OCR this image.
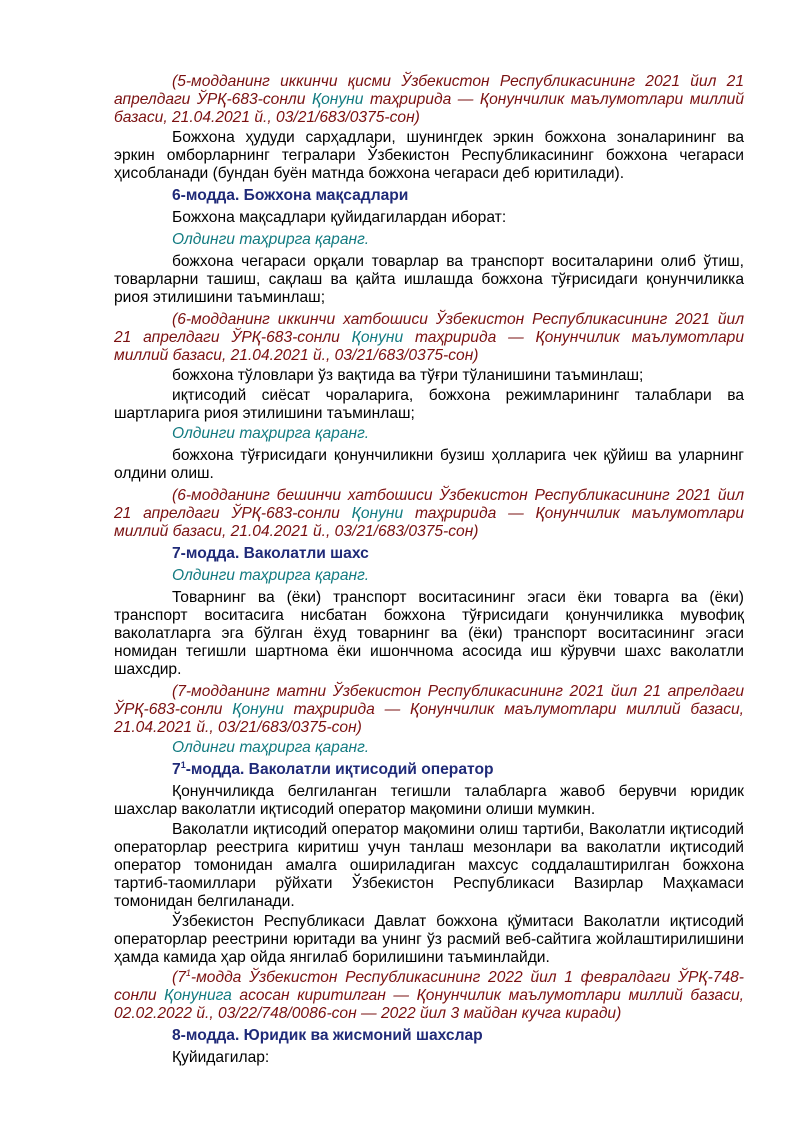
(5-модданинг иккинчи қисми Ўзбекистон Республикасининг 2021 йил 21 апрелдаги ЎРҚ-683-сонли Қонуни таҳририда — Қонунчилик маълумотлари миллий базаси, 21.04.2021 й., 03/21/683/0375-сон)

Божхона ҳудуди сарҳадлари, шунингдек эркин божхона зоналарининг ва эркин омборларнинг тегралари Ўзбекистон Республикасининг божхона чегараси ҳисобланади (бундан буён матнда божхона чегараси деб юритилади).

6-модда. Божхона мақсадлари

Божхона мақсадлари қуйидагилардан иборат:

Олдинги таҳрирга қаранг.

божхона чегараси орқали товарлар ва транспорт воситаларини олиб ўтиш, товарларни ташиш, сақлаш ва қайта ишлашда божхона тўғрисидаги қонунчиликка риоя этилишини таъминлаш;

(6-модданинг иккинчи хатбошиси Ўзбекистон Республикасининг 2021 йил 21 апрелдаги ЎРҚ-683-сонли Қонуни таҳририда — Қонунчилик маълумотлари миллий базаси, 21.04.2021 й., 03/21/683/0375-сон)

божхона тўловлари ўз вақтида ва тўғри тўланишини таъминлаш;

иқтисодий сиёсат чораларига, божхона режимларининг талаблари ва шартларига риоя этилишини таъминлаш;

Олдинги таҳрирга қаранг.

божхона тўғрисидаги қонунчиликни бузиш ҳолларига чек қўйиш ва уларнинг олдини олиш.

(6-модданинг бешинчи хатбошиси Ўзбекистон Республикасининг 2021 йил 21 апрелдаги ЎРҚ-683-сонли Қонуни таҳририда — Қонунчилик маълумотлари миллий базаси, 21.04.2021 й., 03/21/683/0375-сон)

7-модда. Ваколатли шахс

Олдинги таҳрирга қаранг.

Товарнинг ва (ёки) транспорт воситасининг эгаси ёки товарга ва (ёки) транспорт воситасига нисбатан божхона тўғрисидаги қонунчиликка мувофиқ ваколатларга эга бўлган ёхуд товарнинг ва (ёки) транспорт воситасининг эгаси номидан тегишли шартнома ёки ишончнома асосида иш кўрувчи шахс ваколатли шахсдир.

(7-модданинг матни Ўзбекистон Республикасининг 2021 йил 21 апрелдаги ЎРҚ-683-сонли Қонуни таҳририда — Қонунчилик маълумотлари миллий базаси, 21.04.2021 й., 03/21/683/0375-сон)

Олдинги таҳрирга қаранг.

$7^1$-модда. Ваколатли иқтисодий оператор

Қонунчиликда белгиланган тегишли талабларга жавоб берувчи юридик шахслар ваколатли иқтисодий оператор мақомини олиши мумкин.

Ваколатли иқтисодий оператор мақомини олиш тартиби, Ваколатли иқтисодий операторлар реестрига киритиш учун танлаш мезонлари ва ваколатли иқтисодий оператор томонидан амалга ошириладиган махсус соддалаштирилган божхона тартиб-таомиллари рўйхати Ўзбекистон Республикаси Вазирлар Маҳкамаси томонидан белгиланади.

Ўзбекистон Республикаси Давлат божхона қўмитаси Ваколатли иқтисодий операторлар реестрини юритади ва унинг ўз расмий веб-сайтига жойлаштирилишини ҳамда камида ҳар ойда янгилаб борилишини таъминлайди.

($7^1$-модда Ўзбекистон Республикасининг 2022 йил 1 февралдаги ЎРҚ-748-сонли Қонунига асосан киритилган — Қонунчилик маълумотлари миллий базаси, 02.02.2022 й., 03/22/748/0086-сон — 2022 йил 3 майдан кучга киради)

8-модда. Юридик ва жисмоний шахслар

Қуйидагилар:
